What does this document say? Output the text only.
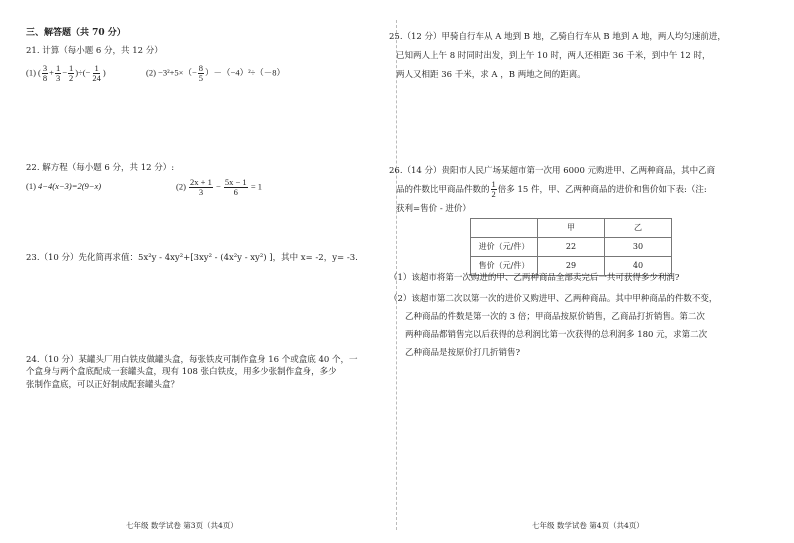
三、解答题（共 70 分）
21. 计算（每小题 6 分，共 12 分）
(1) ( $\frac{3}{8} + \frac{1}{3} - \frac{1}{2}$ )÷(− $\frac{1}{24}$ )	$(2) -3^2+5\times(- \frac{8}{5} )-(-4)^2\div(-8)$
22. 解方程（每小题 6 分，共 12 分）:
(1) 4−4(x−3)=2(9−x)	$(2) \frac{2x + 1}{3} - \frac{5x - 1}{6} = 1$
23.（10 分）先化简再求值：5x²y - 4xy²+[3xy² - (4x²y - xy²) ]，其中 x= -2，y= -3.
24.（10 分）某罐头厂用白铁皮做罐头盒，每张铁皮可制作盒身 16 个或盒底 40 个，一
个盒身与两个盒底配成一套罐头盒，现有 108 张白铁皮，用多少张制作盒身，多少
张制作盒底，可以正好制成配套罐头盒？
七年级 数学试卷 第3页（共4页）
25.（12 分）甲骑自行车从 A 地到 B 地，乙骑自行车从 B 地到 A 地，两人均匀速前进，
已知两人上午 8 时同时出发，到上午 10 时，两人还相距 36 千米，到中午 12 时，
两人又相距 36 千米，求 A ，B 两地之间的距离。
26.（14 分）贵阳市人民广场某超市第一次用 6000 元购进甲、乙两种商品，其中乙商
品的件数比甲商品件数的 $\frac{1}{2}$ 倍多 15 件，甲、乙两种商品的进价和售价如下表:（注:
获利=售价 - 进价）
	甲	乙
进价（元/件）	22	30
售价（元/件）	29	40
（1）该超市将第一次购进的甲、乙两种商品全部卖完后一共可获得多少利润?
（2）该超市第二次以第一次的进价又购进甲、乙两种商品。其中甲种商品的件数不变，
乙种商品的件数是第一次的 3 倍；甲商品按原价销售，乙商品打折销售。第二次
两种商品都销售完以后获得的总利润比第一次获得的总利润多 180 元，求第二次
乙种商品是按原价打几折销售?
七年级 数学试卷 第4页（共4页）
